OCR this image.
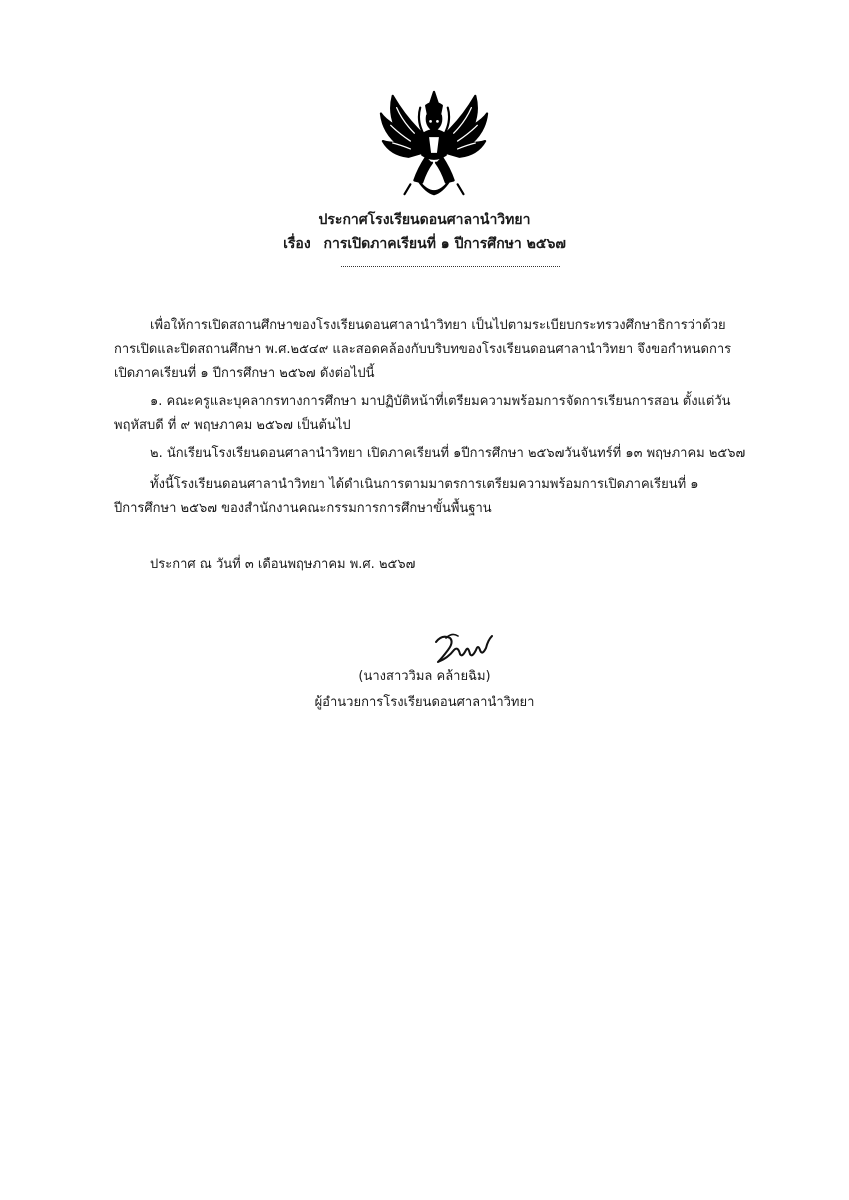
ประกาศโรงเรียนดอนศาลานำวิทยา
เรื่อง การเปิดภาคเรียนที่ ๑ ปีการศึกษา ๒๕๖๗
เพื่อให้การเปิดสถานศึกษาของโรงเรียนดอนศาลานำวิทยา เป็นไปตามระเบียบกระทรวงศึกษาธิการว่าด้วย
การเปิดและปิดสถานศึกษา พ.ศ.๒๕๔๙ และสอดคล้องกับบริบทของโรงเรียนดอนศาลานำวิทยา จึงขอกำหนดการ
เปิดภาคเรียนที่ ๑ ปีการศึกษา ๒๕๖๗ ดังต่อไปนี้
๑. คณะครูและบุคลากรทางการศึกษา มาปฏิบัติหน้าที่เตรียมความพร้อมการจัดการเรียนการสอน ตั้งแต่วัน
พฤหัสบดี ที่ ๙ พฤษภาคม ๒๕๖๗ เป็นต้นไป
๒. นักเรียนโรงเรียนดอนศาลานำวิทยา เปิดภาคเรียนที่ ๑ปีการศึกษา ๒๕๖๗วันจันทร์ที่ ๑๓ พฤษภาคม ๒๕๖๗
ทั้งนี้โรงเรียนดอนศาลานำวิทยา ได้ดำเนินการตามมาตรการเตรียมความพร้อมการเปิดภาคเรียนที่ ๑
ปีการศึกษา ๒๕๖๗ ของสำนักงานคณะกรรมการการศึกษาขั้นพื้นฐาน
ประกาศ ณ วันที่ ๓ เดือนพฤษภาคม พ.ศ. ๒๕๖๗
(นางสาววิมล คล้ายฉิม)
ผู้อำนวยการโรงเรียนดอนศาลานำวิทยา
